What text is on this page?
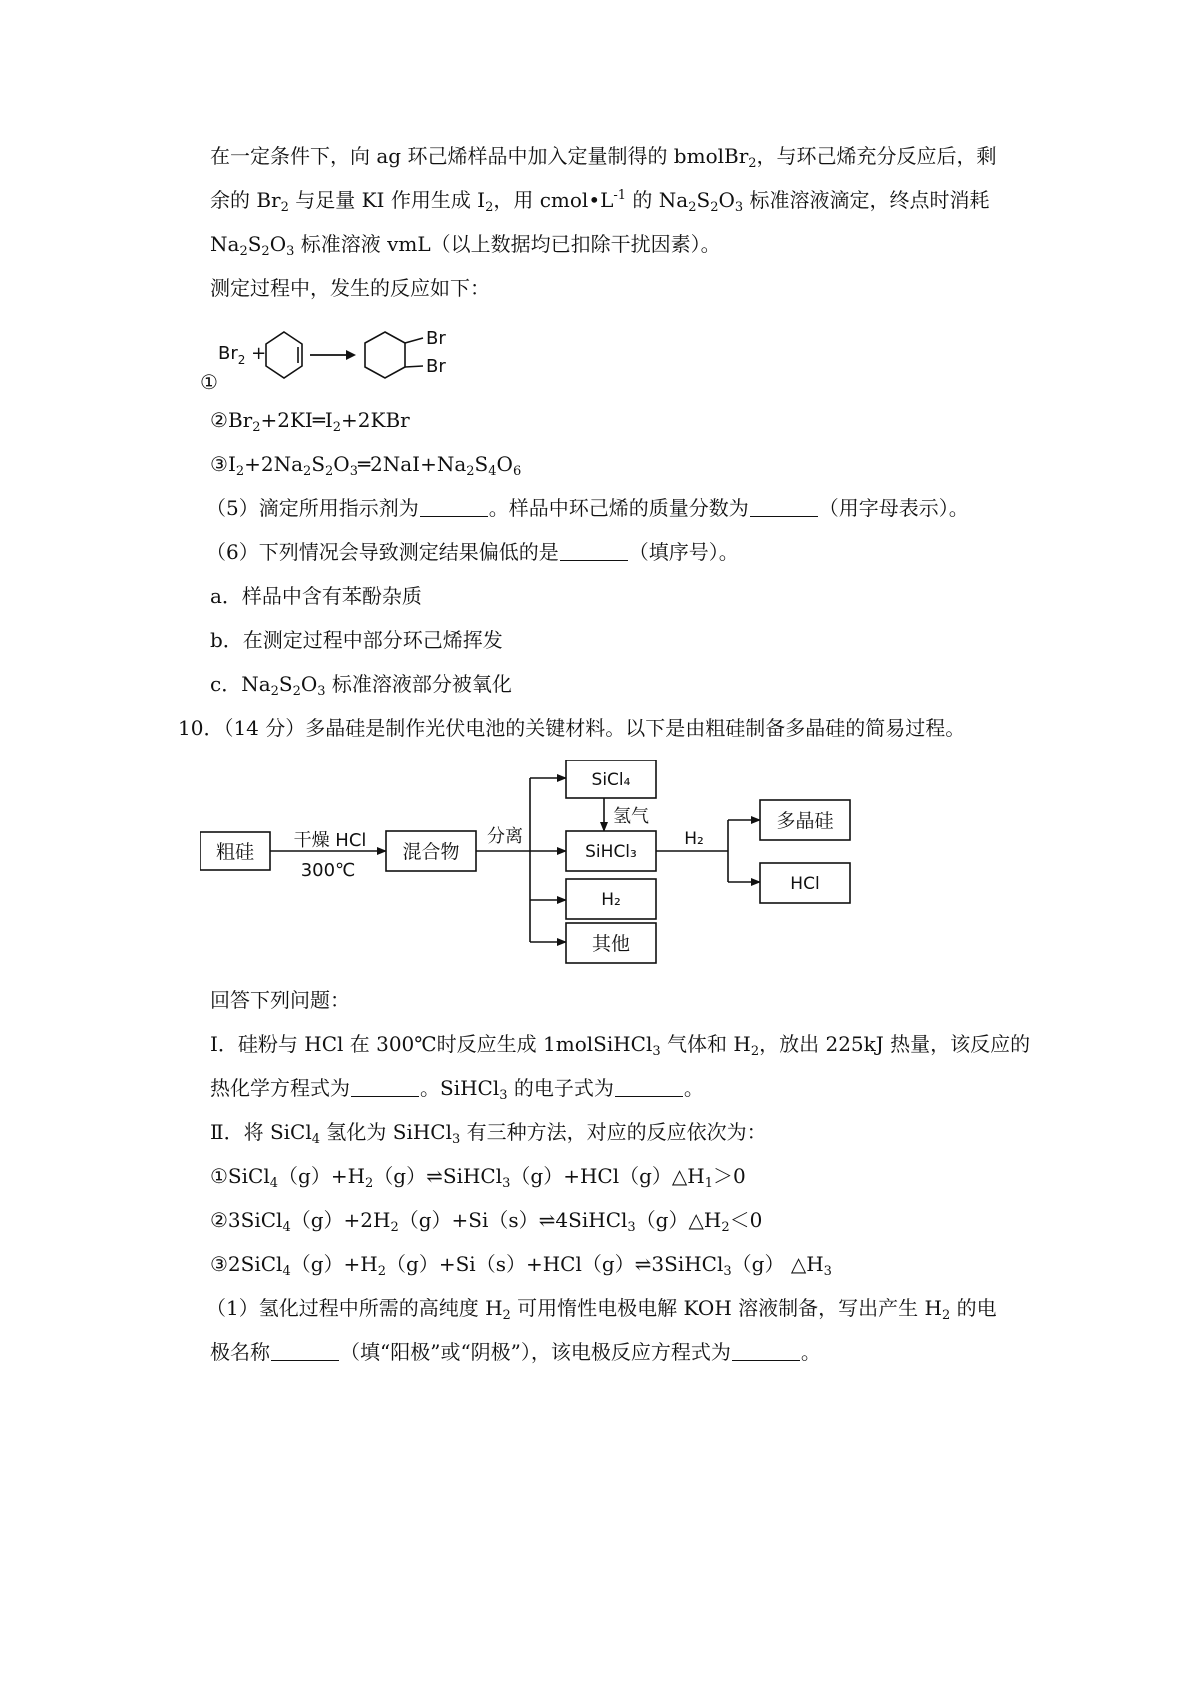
在一定条件下，向 ag 环己烯样品中加入定量制得的 bmolBr$_2$，与环己烯充分反应后，剩
余的 $Br_2$ 与足量 KI 作用生成 $I_2$，用 $cmol•L^{-1}$ 的 $Na_2S_2O_3$ 标准溶液滴定，终点时消耗
$Na_2S_2O_3$ 标准溶液 vmL（以上数据均已扣除干扰因素）。
测定过程中，发生的反应如下：
①
$Br_2$ +
Br
Br
$②Br_2+2KI═I_2+2KBr$
$③I_2+2Na_2S_2O_3═2NaI+Na_2S_4O_6$
（5）滴定所用指示剂为	。样品中环己烯的质量分数为	（用字母表示）。
（6）下列情况会导致测定结果偏低的是	（填序号）。
a．样品中含有苯酚杂质
b．在测定过程中部分环己烯挥发
c．$Na_2S_2O_3$ 标准溶液部分被氧化
10．（14 分）多晶硅是制作光伏电池的关键材料。以下是由粗硅制备多晶硅的简易过程。
粗硅
干燥 HCl
300℃
混合物
分离
SiCl₄
氢气
SiHCl₃
H₂
其他
H₂
多晶硅
HCl
回答下列问题：
Ⅰ．硅粉与 HCl 在 300℃时反应生成 1molSiHCl$_3$ 气体和 $H_2$，放出 225kJ 热量，该反应的
热化学方程式为	。SiHCl$_3$ 的电子式为	。
Ⅱ．将 SiCl$_4$ 氢化为 SiHCl$_3$ 有三种方法，对应的反应依次为：
$①SiCl_4(g)+H_2(g)\rightleftharpoons SiHCl_3(g)+HCl(g)\triangle H_1>0$
$②3SiCl_4(g)+2H_2(g)+Si(s)\rightleftharpoons 4SiHCl_3(g)\triangle H_2<0$
$③2SiCl_4(g)+H_2(g)+Si(s)+HCl(g)\rightleftharpoons 3SiHCl_3(g)$ $\triangle H_3$
（1）氢化过程中所需的高纯度 $H_2$ 可用惰性电极电解 KOH 溶液制备，写出产生 $H_2$ 的电
极名称	（填“阳极”或“阴极”），该电极反应方程式为	。
